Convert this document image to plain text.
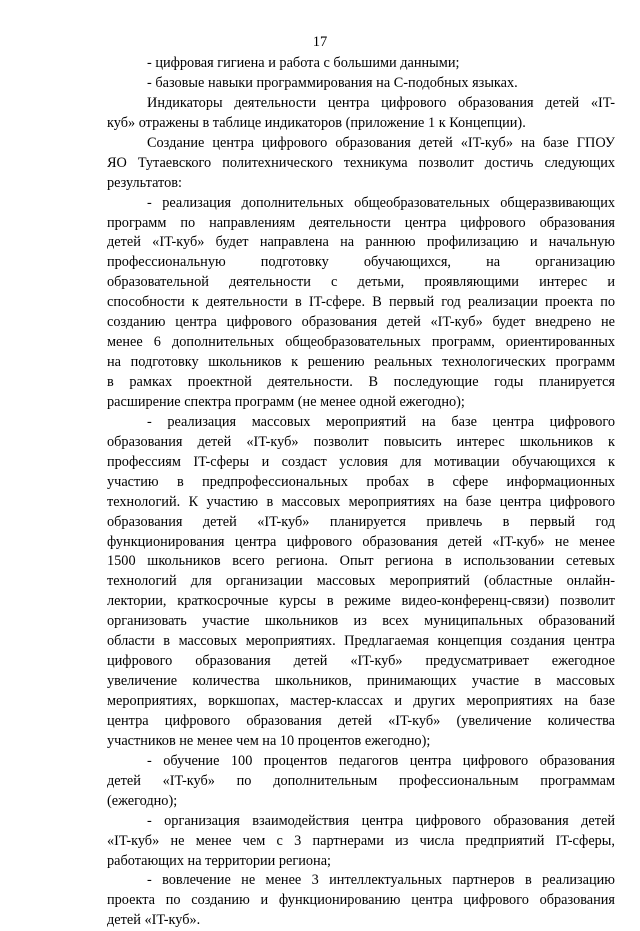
17
- цифровая гигиена и работа с большими данными;
- базовые навыки программирования на С-подобных языках.
Индикаторы деятельности центра цифрового образования детей «IT-
куб» отражены в таблице индикаторов (приложение 1 к Концепции).
Создание центра цифрового образования детей «IT-куб» на базе ГПОУ
ЯО Тутаевского политехнического техникума позволит достичь следующих
результатов:
- реализация дополнительных общеобразовательных общеразвивающих
программ по направлениям деятельности центра цифрового образования
детей «IT-куб» будет направлена на раннюю профилизацию и начальную
профессиональную подготовку обучающихся, на организацию
образовательной деятельности с детьми, проявляющими интерес и
способности к деятельности в IT-сфере. В первый год реализации проекта по
созданию центра цифрового образования детей «IT-куб» будет внедрено не
менее 6 дополнительных общеобразовательных программ, ориентированных
на подготовку школьников к решению реальных технологических программ
в рамках проектной деятельности. В последующие годы планируется
расширение спектра программ (не менее одной ежегодно);
- реализация массовых мероприятий на базе центра цифрового
образования детей «IT-куб» позволит повысить интерес школьников к
профессиям IT-сферы и создаст условия для мотивации обучающихся к
участию в предпрофессиональных пробах в сфере информационных
технологий. К участию в массовых мероприятиях на базе центра цифрового
образования детей «IT-куб» планируется привлечь в первый год
функционирования центра цифрового образования детей «IT-куб» не менее
1500 школьников всего региона. Опыт региона в использовании сетевых
технологий для организации массовых мероприятий (областные онлайн-
лектории, краткосрочные курсы в режиме видео-конференц-связи) позволит
организовать участие школьников из всех муниципальных образований
области в массовых мероприятиях. Предлагаемая концепция создания центра
цифрового образования детей «IT-куб» предусматривает ежегодное
увеличение количества школьников, принимающих участие в массовых
мероприятиях, воркшопах, мастер-классах и других мероприятиях на базе
центра цифрового образования детей «IT-куб» (увеличение количества
участников не менее чем на 10 процентов ежегодно);
- обучение 100 процентов педагогов центра цифрового образования
детей «IT-куб» по дополнительным профессиональным программам
(ежегодно);
- организация взаимодействия центра цифрового образования детей
«IT-куб» не менее чем с 3 партнерами из числа предприятий IT-сферы,
работающих на территории региона;
- вовлечение не менее 3 интеллектуальных партнеров в реализацию
проекта по созданию и функционированию центра цифрового образования
детей «IT-куб».
